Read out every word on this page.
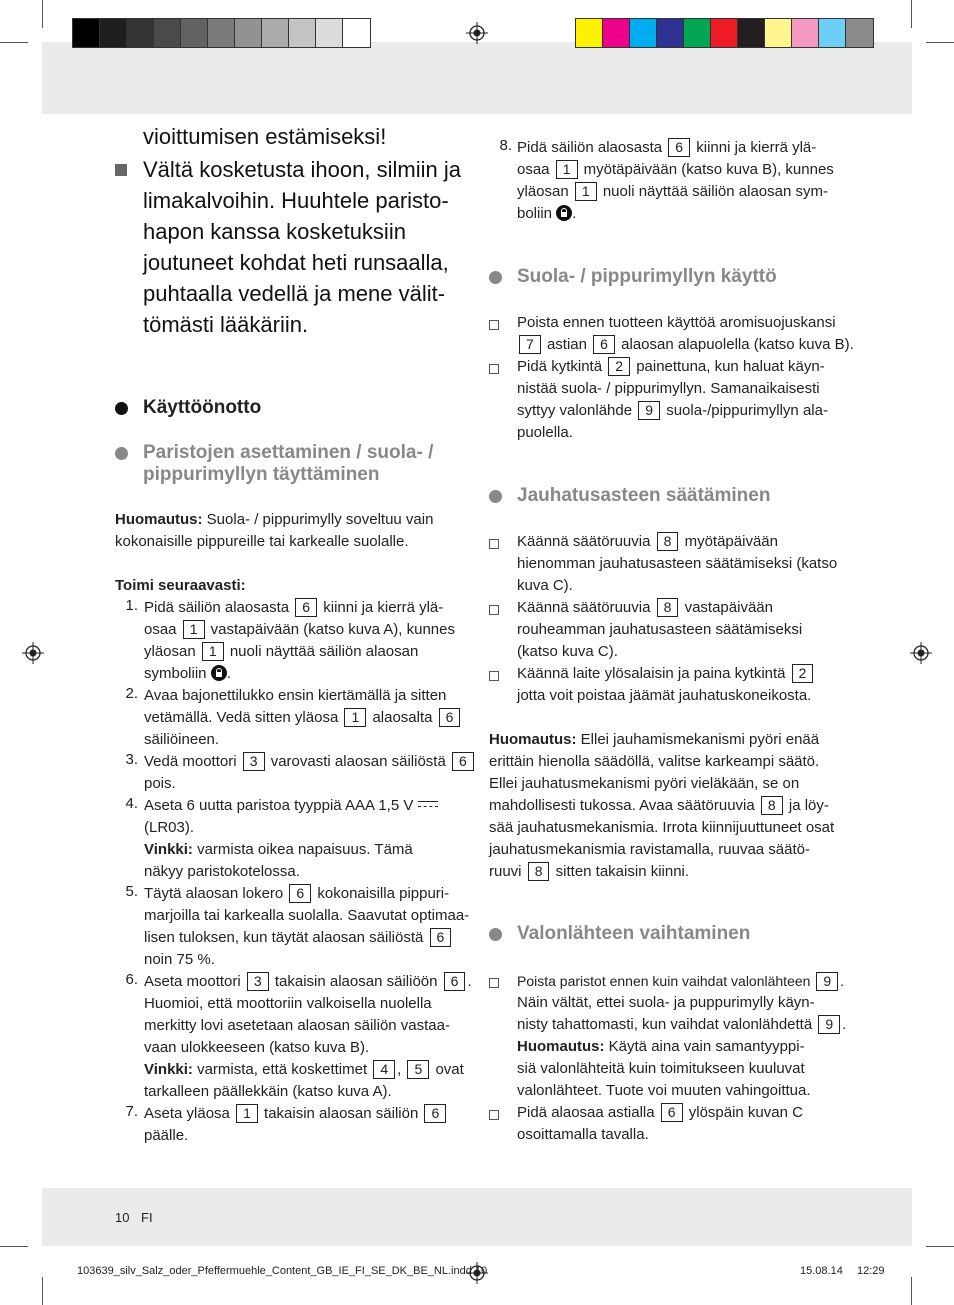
vioittumisen estämiseksi!
Vältä kosketusta ihoon, silmiin ja
limakalvoihin. Huuhtele paristo-
hapon kanssa kosketuksiin
joutuneet kohdat heti runsaalla,
puhtaalla vedellä ja mene välit-
tömästi lääkäriin.
Käyttöönotto
Paristojen asettaminen / suola- /
pippurimyllyn täyttäminen

Huomautus: Suola- / pippurimylly soveltuu vain

kokonaisille pippureille tai karkealle suolalle.

Toimi seuraavasti:

1. Pidä säiliön alaosasta 6 kiinni ja kierrä ylä-

osaa 1 vastapäivään (katso kuva A), kunnes

yläosan 1 nuoli näyttää säiliön alaosan

symboliin .

2. Avaa bajonettilukko ensin kiertämällä ja sitten

vetämällä. Vedä sitten yläosa 1 alaosalta 6

säiliöineen.

3. Vedä moottori 3 varovasti alaosan säiliöstä 6

pois.

4. Aseta 6 uutta paristoa tyyppiä AAA 1,5 V

(LR03).

Vinkki: varmista oikea napaisuus. Tämä

näkyy paristokotelossa.

5. Täytä alaosan lokero 6 kokonaisilla pippuri-

marjoilla tai karkealla suolalla. Saavutat optimaa-

lisen tuloksen, kun täytät alaosan säiliöstä 6

noin 75 %.

6. Aseta moottori 3 takaisin alaosan säiliöön 6 .

Huomioi, että moottoriin valkoisella nuolella

merkitty lovi asetetaan alaosan säiliön vastaa-

vaan ulokkeeseen (katso kuva B).

Vinkki: varmista, että koskettimet 4 , 5 ovat

tarkalleen päällekkäin (katso kuva A).

7. Aseta yläosa 1 takaisin alaosan säiliön 6

päälle.

8. Pidä säiliön alaosasta 6 kiinni ja kierrä ylä-

osaa 1 myötäpäivään (katso kuva B), kunnes

yläosan 1 nuoli näyttää säiliön alaosan sym-

boliin .

Suola- / pippurimyllyn käyttö

Poista ennen tuotteen käyttöä aromisuojuskansi

7 astian 6 alaosan alapuolella (katso kuva B).

Pidä kytkintä 2 painettuna, kun haluat käyn-

nistää suola- / pippurimyllyn. Samanaikaisesti

syttyy valonlähde 9 suola-/pippurimyllyn ala-

puolella.

Jauhatusasteen säätäminen

Käännä säätöruuvia 8 myötäpäivään

hienomman jauhatusasteen säätämiseksi (katso

kuva C).

Käännä säätöruuvia 8 vastapäivään

rouheamman jauhatusasteen säätämiseksi

(katso kuva C).

Käännä laite ylösalaisin ja paina kytkintä 2

jotta voit poistaa jäämät jauhatuskoneikosta.

Huomautus: Ellei jauhamismekanismi pyöri enää

erittäin hienolla säädöllä, valitse karkeampi säätö.

Ellei jauhatusmekanismi pyöri vieläkään, se on

mahdollisesti tukossa. Avaa säätöruuvia 8 ja löy-

sää jauhatusmekanismia. Irrota kiinnijuuttuneet osat

jauhatusmekanismia ravistamalla, ruuvaa säätö-

ruuvi 8 sitten takaisin kiinni.

Valonlähteen vaihtaminen

Poista paristot ennen kuin vaihdat valonlähteen 9 .

Näin vältät, ettei suola- ja puppurimylly käyn-

nisty tahattomasti, kun vaihdat valonlähdettä 9 .

Huomautus: Käytä aina vain samantyyppi-

siä valonlähteitä kuin toimitukseen kuuluvat

valonlähteet. Tuote voi muuten vahingoittua.

Pidä alaosaa astialla 6 ylöspäin kuvan C

osoittamalla tavalla.

10 FI
103639_silv_Salz_oder_Pfeffermuehle_Content_GB_IE_FI_SE_DK_BE_NL.indd 10	15.08.14 12:29
